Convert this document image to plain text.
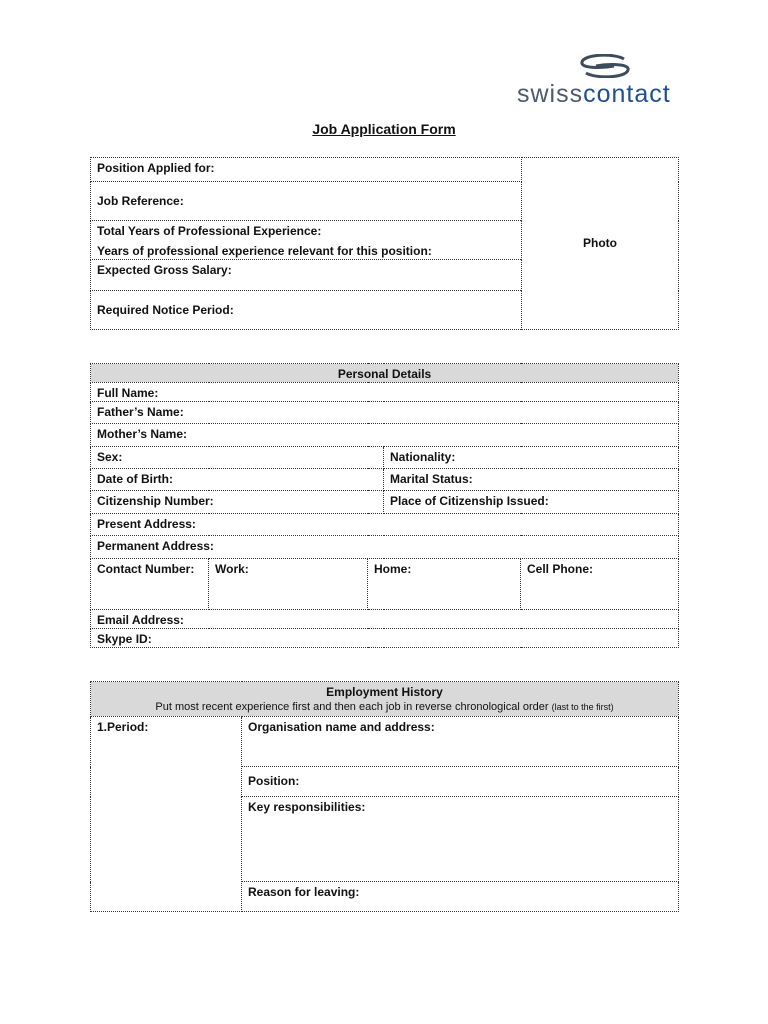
swisscontact
Job Application Form
Position Applied for:	Photo
Job Reference:
Total Years of Professional Experience:
Years of professional experience relevant for this position:

Expected Gross Salary:
Required Notice Period:
Personal Details				
Full Name:				
Father’s Name:				
Mother’s Name:				
Sex:			Nationality:	
Date of Birth:			Marital Status:	
Citizenship Number:			Place of Citizenship Issued:	
Present Address:				
Permanent Address:				
Contact Number:	Work:	Home:		Cell Phone:
Email Address:				
Skype ID:				
Employment History
Put most recent experience first and then each job in reverse chronological order (last to the first)

1.Period:	Organisation name and address:
Position:
Key responsibilities:
Reason for leaving:
